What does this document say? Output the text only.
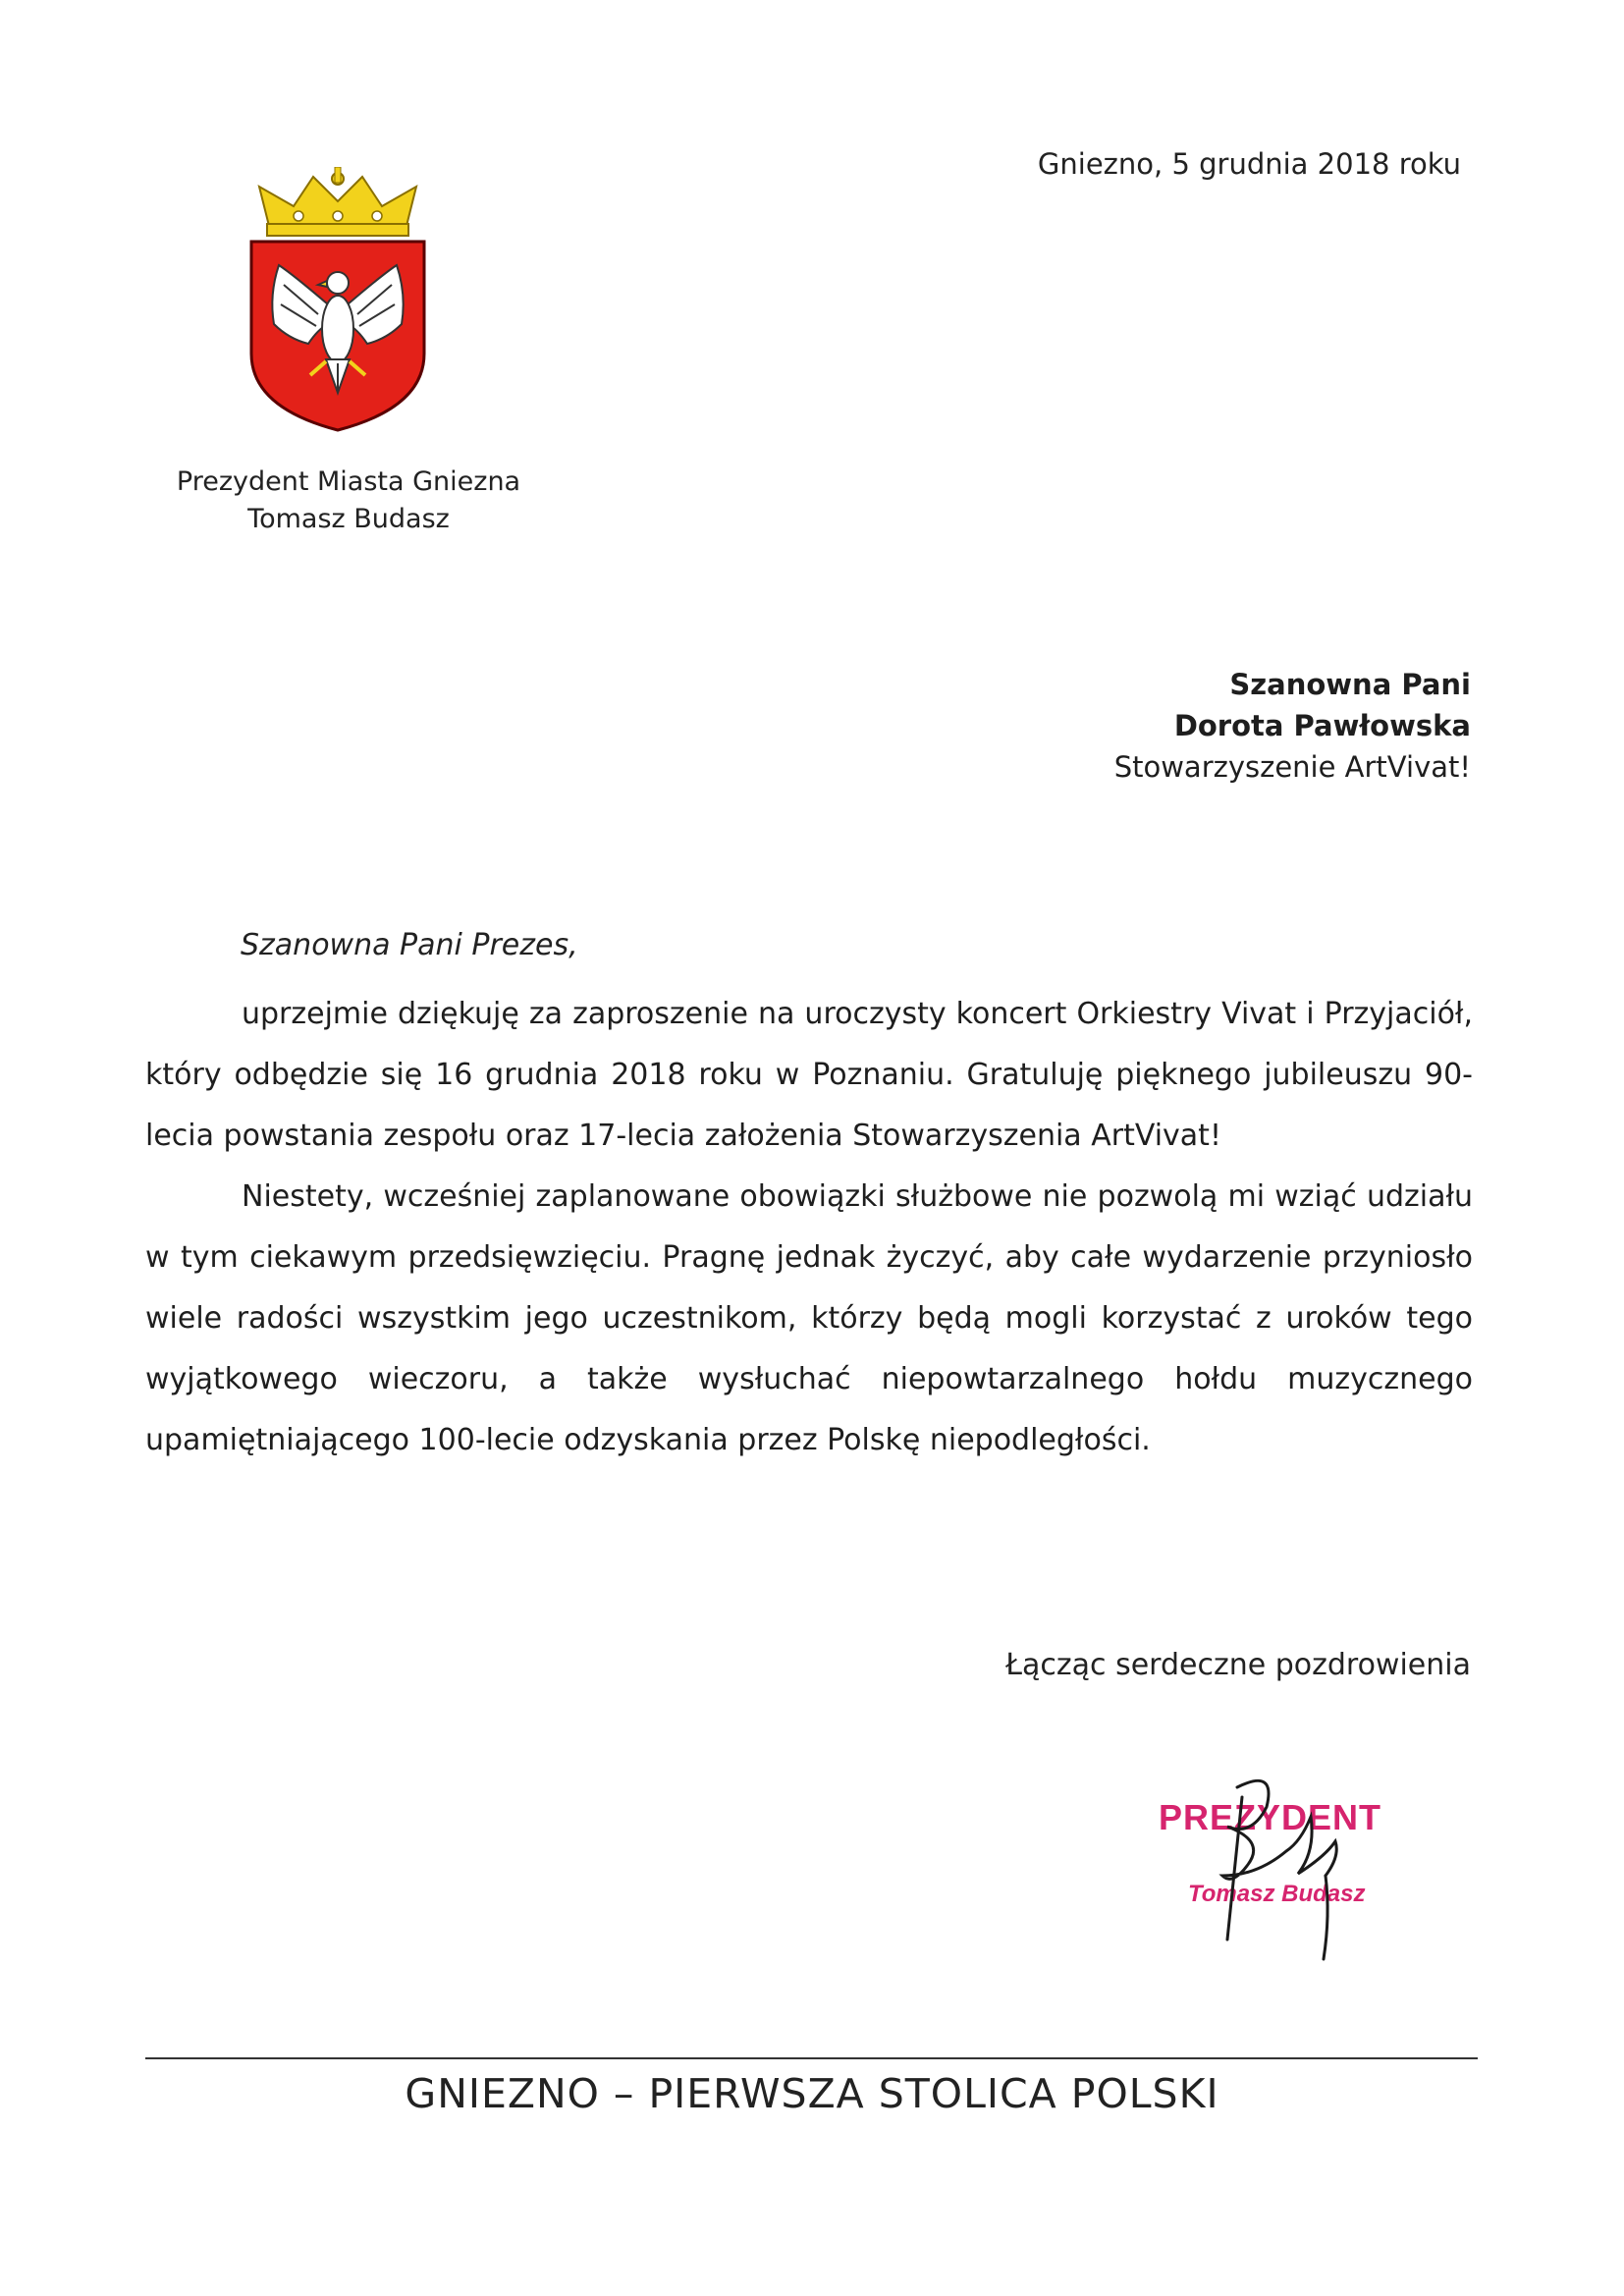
Gniezno, 5 grudnia 2018 roku
Prezydent Miasta Gniezna
Tomasz Budasz
Szanowna Pani
Dorota Pawłowska
Stowarzyszenie ArtVivat!
Szanowna Pani Prezes,

uprzejmie dziękuję za zaproszenie na uroczysty koncert Orkiestry Vivat i Przyjaciół, który odbędzie się 16 grudnia 2018 roku w Poznaniu. Gratuluję pięknego jubileuszu 90-lecia powstania zespołu oraz 17-lecia założenia Stowarzyszenia ArtVivat!

Niestety, wcześniej zaplanowane obowiązki służbowe nie pozwolą mi wziąć udziału w tym ciekawym przedsięwzięciu. Pragnę jednak życzyć, aby całe wydarzenie przyniosło wiele radości wszystkim jego uczestnikom, którzy będą mogli korzystać z uroków tego wyjątkowego wieczoru, a także wysłuchać niepowtarzalnego hołdu muzycznego upamiętniającego 100-lecie odzyskania przez Polskę niepodległości.

Łącząc serdeczne pozdrowienia
PREZYDENT
Tomasz Budasz
GNIEZNO – PIERWSZA STOLICA POLSKI
